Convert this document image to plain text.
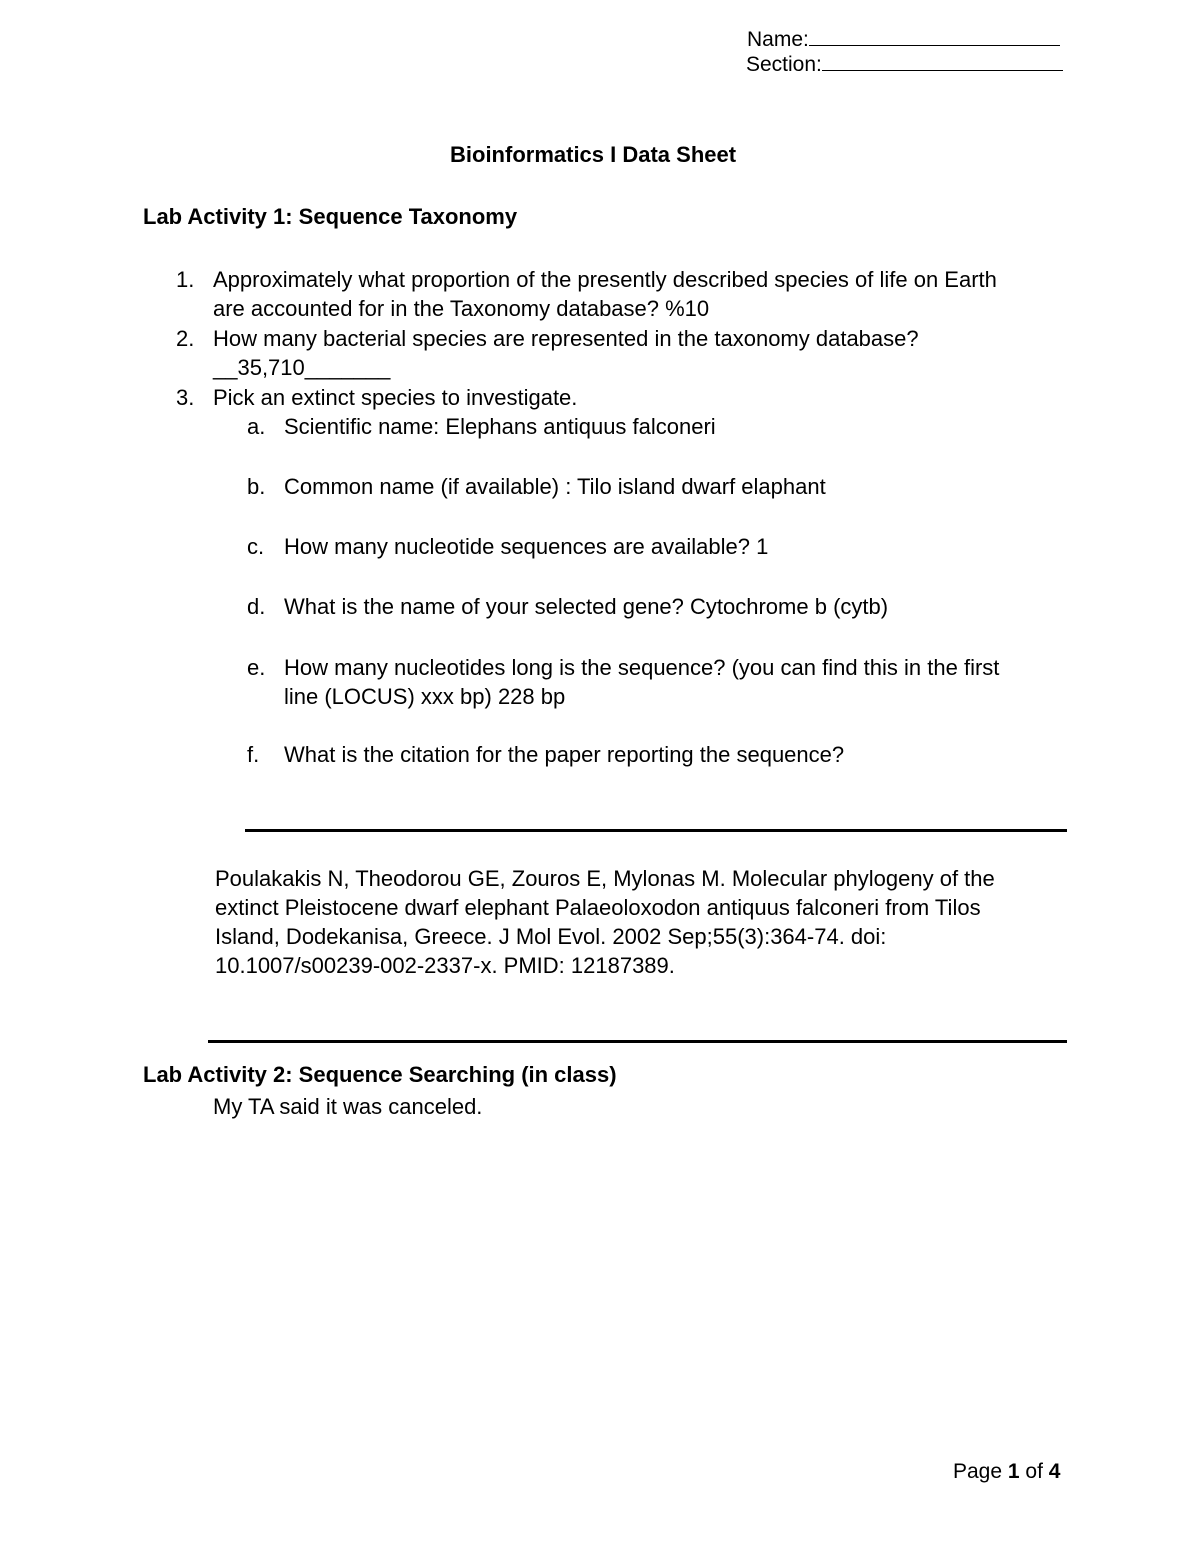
Name:
Section:
Bioinformatics I Data Sheet
Lab Activity 1: Sequence Taxonomy
1. Approximately what proportion of the presently described species of life on Earth
are accounted for in the Taxonomy database? %10
2. How many bacterial species are represented in the taxonomy database?
__35,710_______
3. Pick an extinct species to investigate.
a. Scientific name: Elephans antiquus falconeri
b. Common name (if available) : Tilo island dwarf elaphant
c. How many nucleotide sequences are available? 1
d. What is the name of your selected gene? Cytochrome b (cytb)
e. How many nucleotides long is the sequence? (you can find this in the first
line (LOCUS) xxx bp) 228 bp
f. What is the citation for the paper reporting the sequence?
Poulakakis N, Theodorou GE, Zouros E, Mylonas M. Molecular phylogeny of the
extinct Pleistocene dwarf elephant Palaeoloxodon antiquus falconeri from Tilos
Island, Dodekanisa, Greece. J Mol Evol. 2002 Sep;55(3):364-74. doi:
10.1007/s00239-002-2337-x. PMID: 12187389.
Lab Activity 2: Sequence Searching (in class)
My TA said it was canceled.
Page 1 of 4
